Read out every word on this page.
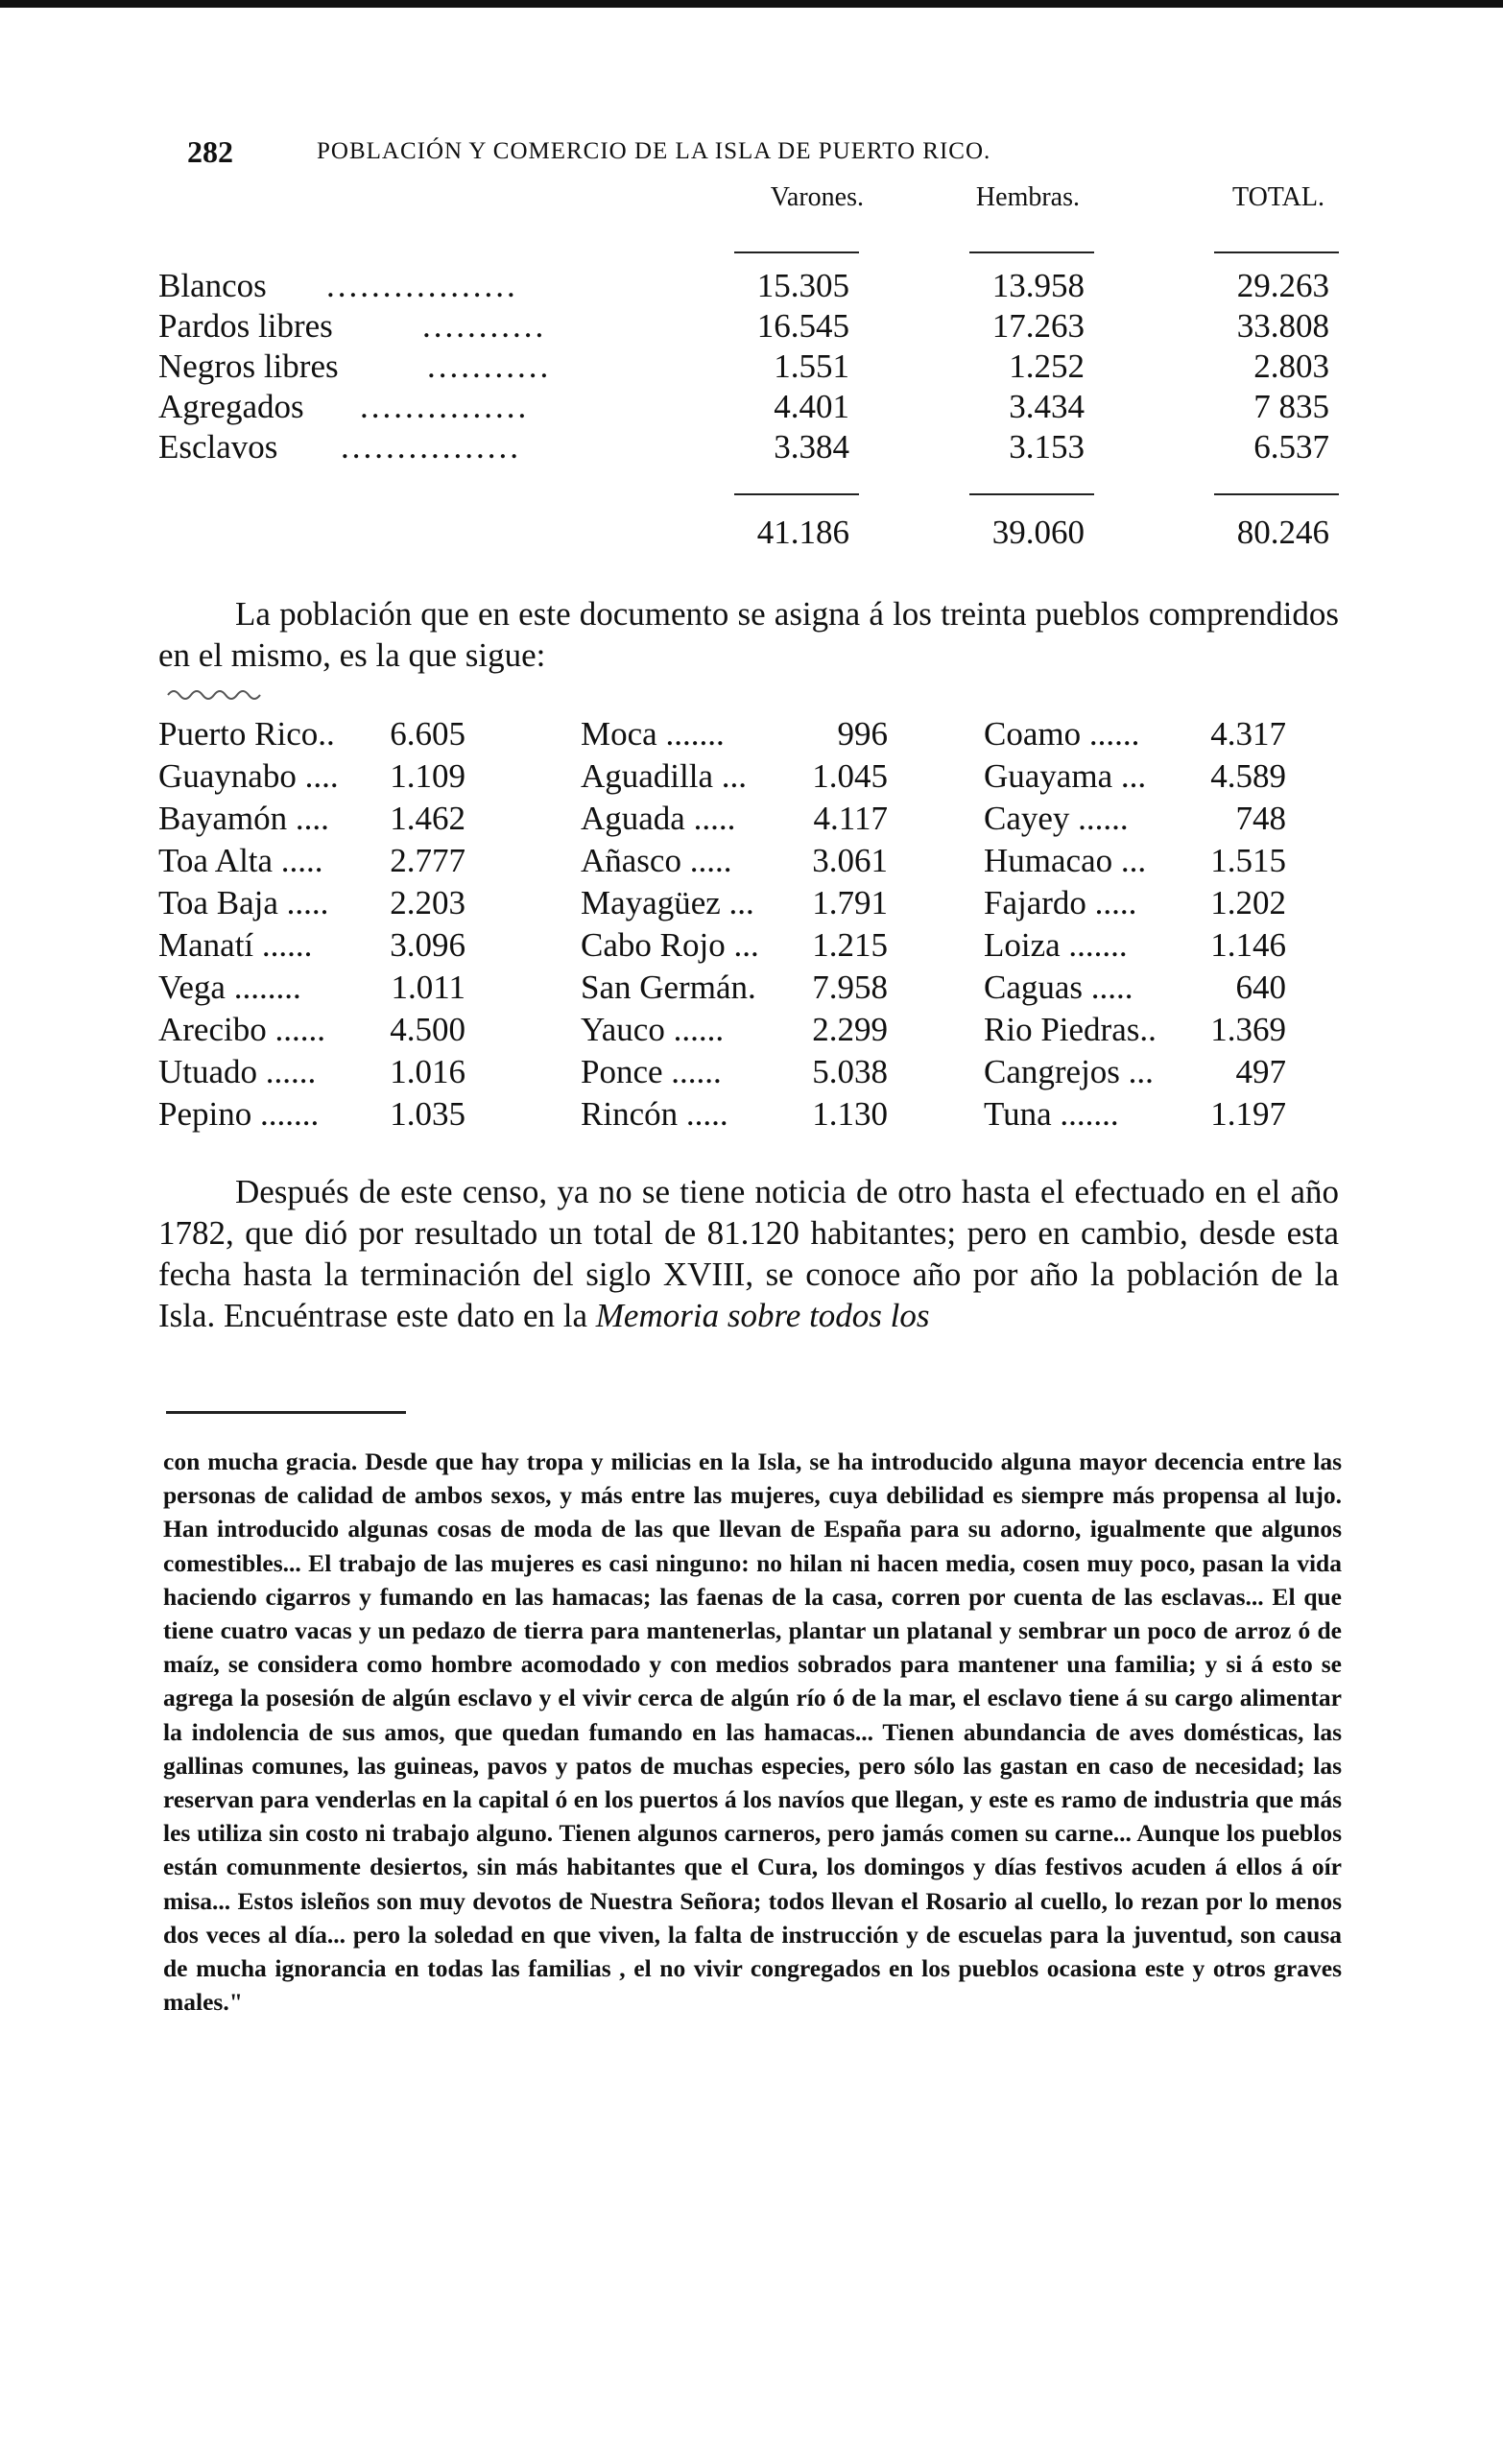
282	POBLACIÓN Y COMERCIO DE LA ISLA DE PUERTO RICO.
Varones.	Hembras.	TOTAL.
Blancos .................	15.305	13.958	29.263
Pardos libres	...........	16.545	17.263	33.808
Negros libres	...........	1.551	1.252	2.803
Agregados ...............	4.401	3.434	7 835
Esclavos ................	3.384	3.153	6.537
41.186	39.060	80.246

La población que en este documento se asigna á los treinta pueblos comprendidos en el mismo, es la que sigue:

Puerto Rico..	6.605	Moca .......	996	Coamo ......	4.317
Guaynabo ....	1.109	Aguadilla ...	1.045	Guayama ...	4.589
Bayamón ....	1.462	Aguada .....	4.117	Cayey ......	748
Toa Alta .....	2.777	Añasco .....	3.061	Humacao ...	1.515
Toa Baja .....	2.203	Mayagüez ...	1.791	Fajardo .....	1.202
Manatí ......	3.096	Cabo Rojo ...	1.215	Loiza .......	1.146
Vega ........	1.011	San Germán.	7.958	Caguas .....	640
Arecibo ......	4.500	Yauco ......	2.299	Rio Piedras..	1.369
Utuado ......	1.016	Ponce ......	5.038	Cangrejos ...	497
Pepino .......	1.035	Rincón .....	1.130	Tuna .......	1.197

Después de este censo, ya no se tiene noticia de otro hasta el efectuado en el año 1782, que dió por resultado un total de 81.120 habitantes; pero en cambio, desde esta fecha hasta la terminación del siglo XVIII, se conoce año por año la población de la Isla. Encuéntrase este dato en la Memoria sobre todos los

con mucha gracia. Desde que hay tropa y milicias en la Isla, se ha introducido alguna mayor decencia entre las personas de calidad de ambos sexos, y más entre las mujeres, cuya debilidad es siempre más propensa al lujo. Han introducido algunas cosas de moda de las que llevan de España para su adorno, igualmente que algunos comestibles... El trabajo de las mujeres es casi ninguno: no hilan ni hacen media, cosen muy poco, pasan la vida haciendo cigarros y fumando en las hamacas; las faenas de la casa, corren por cuenta de las esclavas... El que tiene cuatro vacas y un pedazo de tierra para mantenerlas, plantar un platanal y sembrar un poco de arroz ó de maíz, se considera como hombre acomodado y con medios sobrados para mantener una familia; y si á esto se agrega la posesión de algún esclavo y el vivir cerca de algún río ó de la mar, el esclavo tiene á su cargo alimentar la indolencia de sus amos, que quedan fumando en las hamacas... Tienen abundancia de aves domésticas, las gallinas comunes, las guineas, pavos y patos de muchas especies, pero sólo las gastan en caso de necesidad; las reservan para venderlas en la capital ó en los puertos á los navíos que llegan, y este es ramo de industria que más les utiliza sin costo ni trabajo alguno. Tienen algunos carneros, pero jamás comen su carne... Aunque los pueblos están comunmente desiertos, sin más habitantes que el Cura, los domingos y días festivos acuden á ellos á oír misa... Estos isleños son muy devotos de Nuestra Señora; todos llevan el Rosario al cuello, lo rezan por lo menos dos veces al día... pero la soledad en que viven, la falta de instrucción y de escuelas para la juventud, son causa de mucha ignorancia en todas las familias , el no vivir congregados en los pueblos ocasiona este y otros graves males."
